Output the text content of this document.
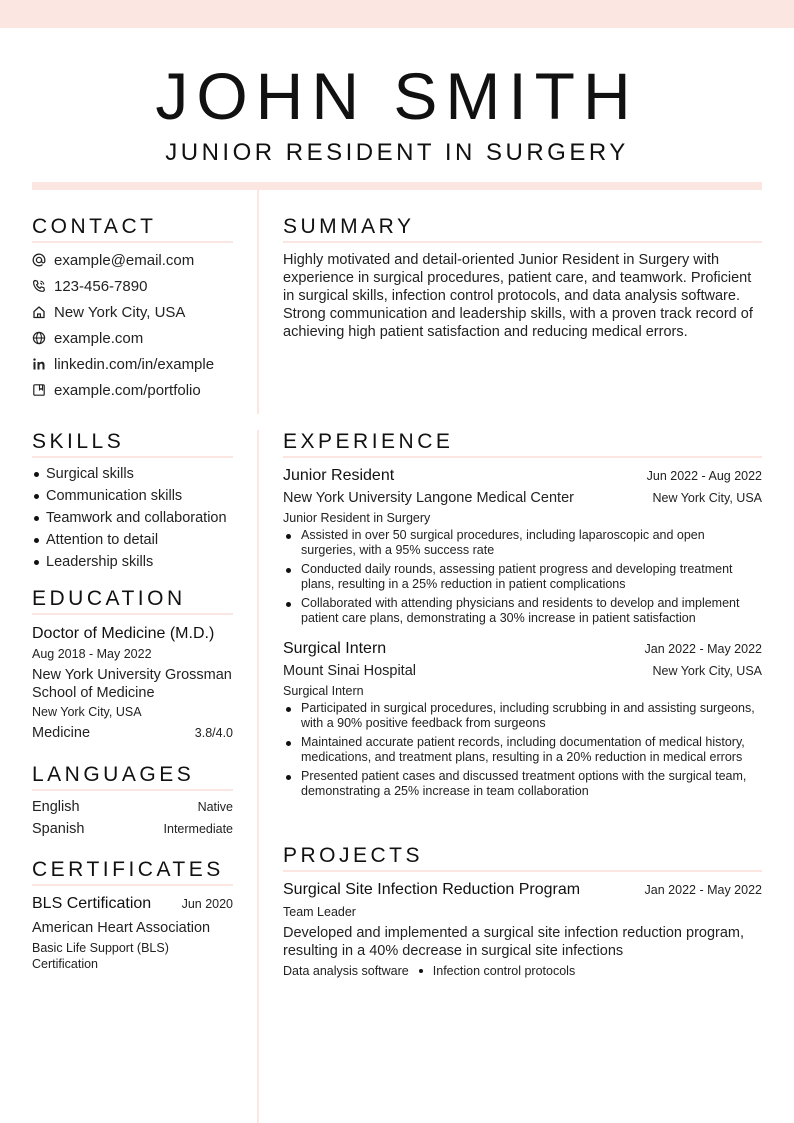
JOHN SMITH
JUNIOR RESIDENT IN SURGERY
CONTACT
example@email.com
123-456-7890
New York City, USA
example.com
linkedin.com/in/example
example.com/portfolio
SUMMARY
Highly motivated and detail-oriented Junior Resident in Surgery with experience in surgical procedures, patient care, and teamwork. Proficient in surgical skills, infection control protocols, and data analysis software. Strong communication and leadership skills, with a proven track record of achieving high patient satisfaction and reducing medical errors.
SKILLS
Surgical skills
Communication skills
Teamwork and collaboration
Attention to detail
Leadership skills
EDUCATION
Doctor of Medicine (M.D.)
Aug 2018 - May 2022
New York University Grossman School of Medicine
New York City, USA
Medicine	3.8/4.0
LANGUAGES
English	Native
Spanish	Intermediate
CERTIFICATES
BLS Certification Jun 2020
American Heart Association
Basic Life Support (BLS) Certification
EXPERIENCE
Junior Resident	Jun 2022 - Aug 2022
New York University Langone Medical Center	New York City, USA
Junior Resident in Surgery
Assisted in over 50 surgical procedures, including laparoscopic and open surgeries, with a 95% success rate
Conducted daily rounds, assessing patient progress and developing treatment plans, resulting in a 25% reduction in patient complications
Collaborated with attending physicians and residents to develop and implement patient care plans, demonstrating a 30% increase in patient satisfaction
Surgical Intern	Jan 2022 - May 2022
Mount Sinai Hospital	New York City, USA
Surgical Intern
Participated in surgical procedures, including scrubbing in and assisting surgeons, with a 90% positive feedback from surgeons
Maintained accurate patient records, including documentation of medical history, medications, and treatment plans, resulting in a 20% reduction in medical errors
Presented patient cases and discussed treatment options with the surgical team, demonstrating a 25% increase in team collaboration
PROJECTS
Surgical Site Infection Reduction Program	Jan 2022 - May 2022
Team Leader
Developed and implemented a surgical site infection reduction program, resulting in a 40% decrease in surgical site infections
Data analysis software Infection control protocols
